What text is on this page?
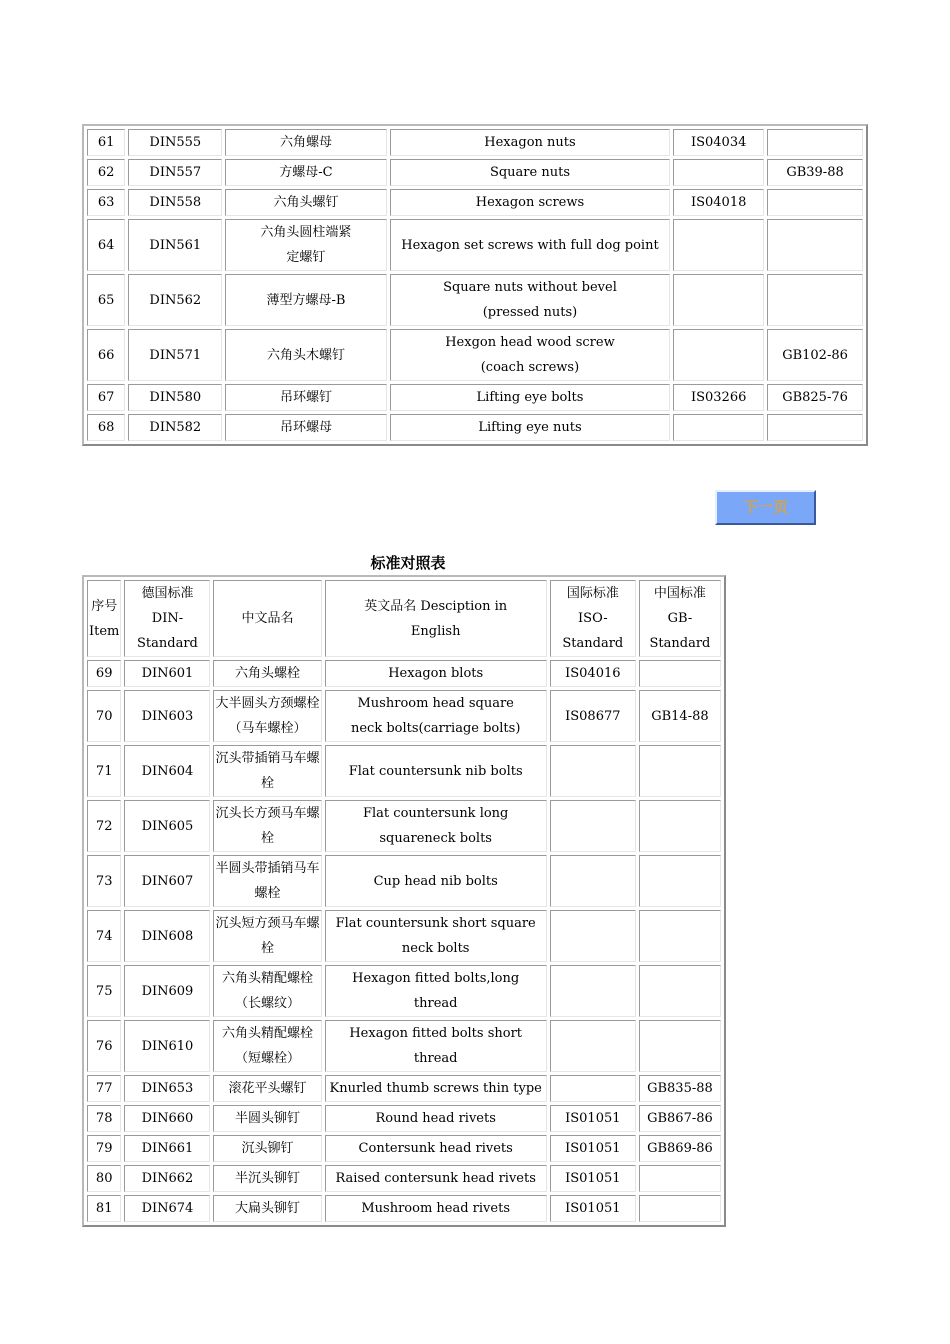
61	DIN555	六角螺母	Hexagon nuts	IS04034	
62	DIN557	方螺母-C	Square nuts		GB39-88
63	DIN558	六角头螺钉	Hexagon screws	IS04018	
64	DIN561	六角头圆柱端紧定螺钉	Hexagon set screws with full dog point		
65	DIN562	薄型方螺母-B	Square nuts without bevel (pressed nuts)		

66	DIN571	六角头木螺钉	Hexgon head wood screw (coach screws)		GB102-86
67	DIN580	吊环螺钉	Lifting eye bolts	IS03266	GB825-76
68	DIN582	吊环螺母	Lifting eye nuts		
下一页
标准对照表
序号 Item	德国标准 DIN-Standard	中文品名	英文品名 Desciption in English	国际标准 ISO-Standard	中国标准 GB-Standard
69	DIN601	六角头螺栓	Hexagon blots	IS04016	
70	DIN603	大半圆头方颈螺栓（马车螺栓）	Mushroom head square neck bolts(carriage bolts)	IS08677	GB14-88
71	DIN604	沉头带插销马车螺栓	Flat countersunk nib bolts		
72	DIN605	沉头长方颈马车螺栓	Flat countersunk long squareneck bolts		

73	DIN607	半圆头带插销马车螺栓	Cup head nib bolts		
74	DIN608	沉头短方颈马车螺栓	Flat countersunk short square neck bolts		

75	DIN609	六角头精配螺栓（长螺纹）	Hexagon fitted bolts,long thread		

76	DIN610	六角头精配螺栓（短螺栓）	Hexagon fitted bolts short thread		

77	DIN653	滚花平头螺钉	Knurled thumb screws thin type		GB835-88
78	DIN660	半圆头铆钉	Round head rivets	IS01051	GB867-86
79	DIN661	沉头铆钉	Contersunk head rivets	IS01051	GB869-86
80	DIN662	半沉头铆钉	Raised contersunk head rivets	IS01051	
81	DIN674	大扁头铆钉	Mushroom head rivets	IS01051	
